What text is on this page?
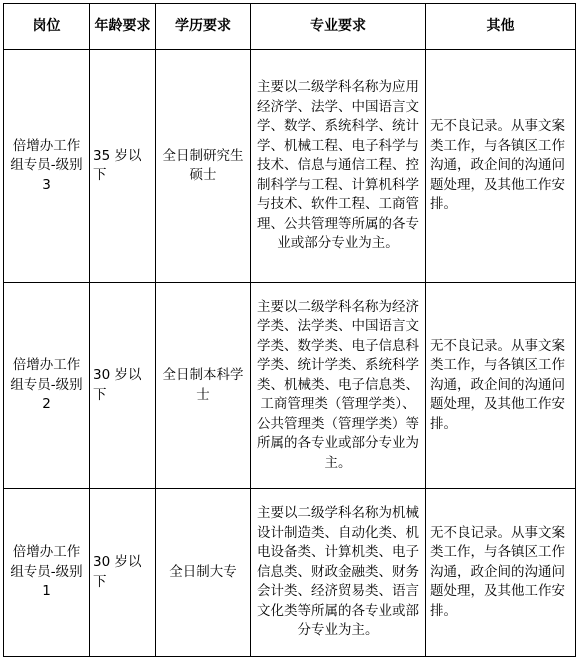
岗位	年龄要求	学历要求	专业要求	其他
倍增办工作组专员-级别 3	35 岁以下	全日制研究生硕士	主要以二级学科名称为应用经济学、法学、中国语言文学、数学、系统科学、统计学、机械工程、电子科学与技术、信息与通信工程、控制科学与工程、计算机科学与技术、软件工程、工商管理、公共管理等所属的各专业或部分专业为主。	无不良记录。从事文案类工作，与各镇区工作沟通，政企间的沟通问题处理，及其他工作安排。
倍增办工作组专员-级别 2	30 岁以下	全日制本科学士	主要以二级学科名称为经济学类、法学类、中国语言文学类、数学类、电子信息科学类、统计学类、系统科学类、机械类、电子信息类、工商管理类（管理学类）、公共管理类（管理学类）等所属的各专业或部分专业为主。	无不良记录。从事文案类工作，与各镇区工作沟通，政企间的沟通问题处理，及其他工作安排。
倍增办工作组专员-级别 1	30 岁以下	全日制大专	主要以二级学科名称为机械设计制造类、自动化类、机电设备类、计算机类、电子信息类、财政金融类、财务会计类、经济贸易类、语言文化类等所属的各专业或部分专业为主。	无不良记录。从事文案类工作，与各镇区工作沟通，政企间的沟通问题处理，及其他工作安排。
